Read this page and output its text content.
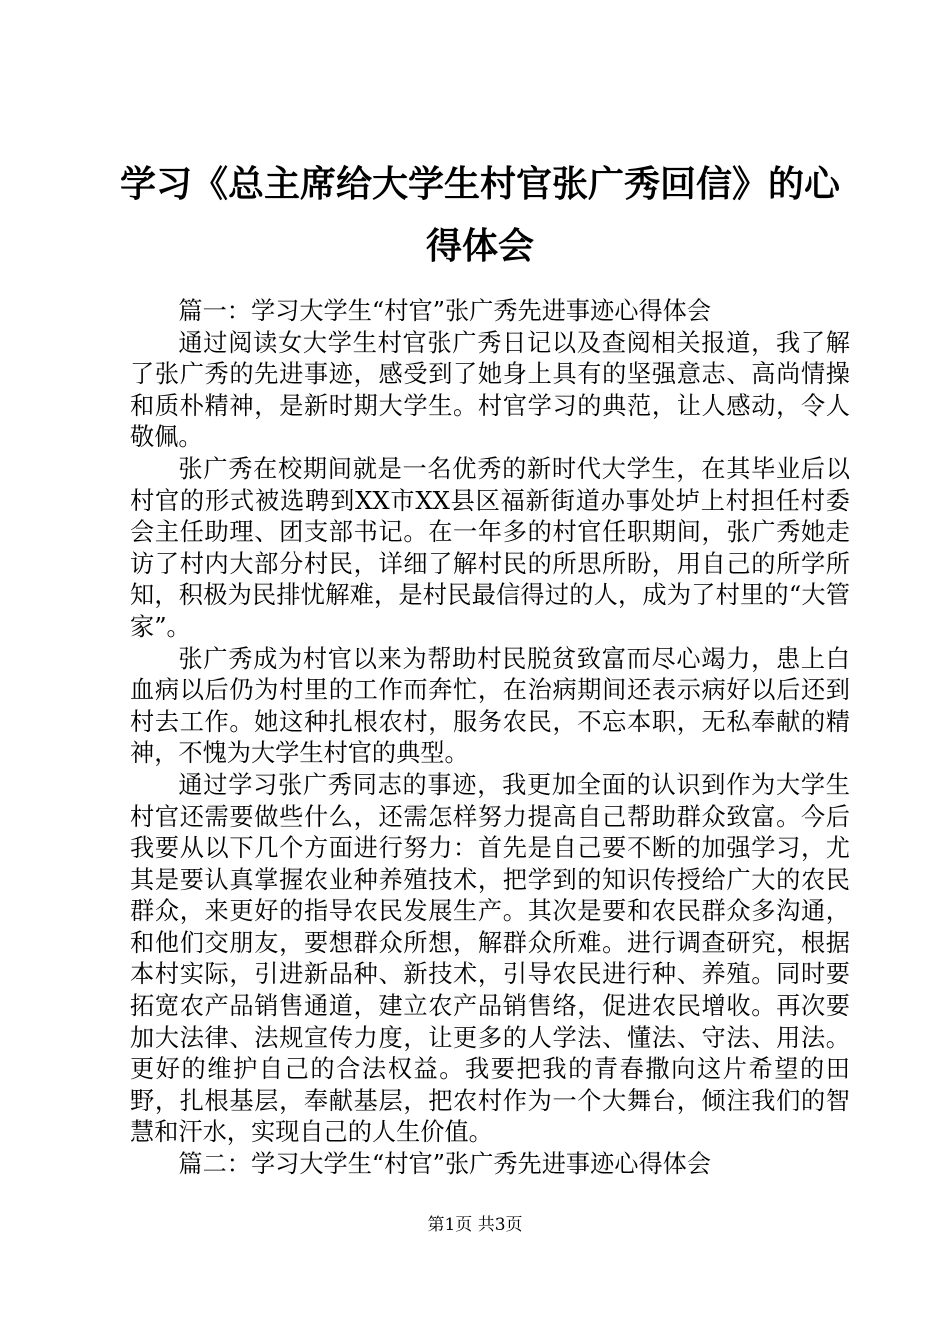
学习《总主席给大学生村官张广秀回信》的心
得体会

篇一：学习大学生“村官”张广秀先进事迹心得体会

通过阅读女大学生村官张广秀日记以及查阅相关报道，我了解了张广秀的先进事迹，感受到了她身上具有的坚强意志、高尚情操和质朴精神，是新时期大学生。村官学习的典范，让人感动，令人敬佩。

张广秀在校期间就是一名优秀的新时代大学生，在其毕业后以村官的形式被选聘到XX市XX县区福新街道办事处垆上村担任村委会主任助理、团支部书记。在一年多的村官任职期间，张广秀她走访了村内大部分村民，详细了解村民的所思所盼，用自己的所学所知，积极为民排忧解难，是村民最信得过的人，成为了村里的“大管家”。

张广秀成为村官以来为帮助村民脱贫致富而尽心竭力，患上白血病以后仍为村里的工作而奔忙，在治病期间还表示病好以后还到村去工作。她这种扎根农村，服务农民，不忘本职，无私奉献的精神，不愧为大学生村官的典型。

通过学习张广秀同志的事迹，我更加全面的认识到作为大学生村官还需要做些什么，还需怎样努力提高自己帮助群众致富。今后我要从以下几个方面进行努力：首先是自己要不断的加强学习，尤其是要认真掌握农业种养殖技术，把学到的知识传授给广大的农民群众，来更好的指导农民发展生产。其次是要和农民群众多沟通，和他们交朋友，要想群众所想，解群众所难。进行调查研究，根据本村实际，引进新品种、新技术，引导农民进行种、养殖。同时要拓宽农产品销售通道，建立农产品销售络，促进农民增收。再次要加大法律、法规宣传力度，让更多的人学法、懂法、守法、用法。更好的维护自己的合法权益。我要把我的青春撒向这片希望的田野，扎根基层，奉献基层，把农村作为一个大舞台，倾注我们的智慧和汗水，实现自己的人生价值。

篇二：学习大学生“村官”张广秀先进事迹心得体会

第1页 共3页
